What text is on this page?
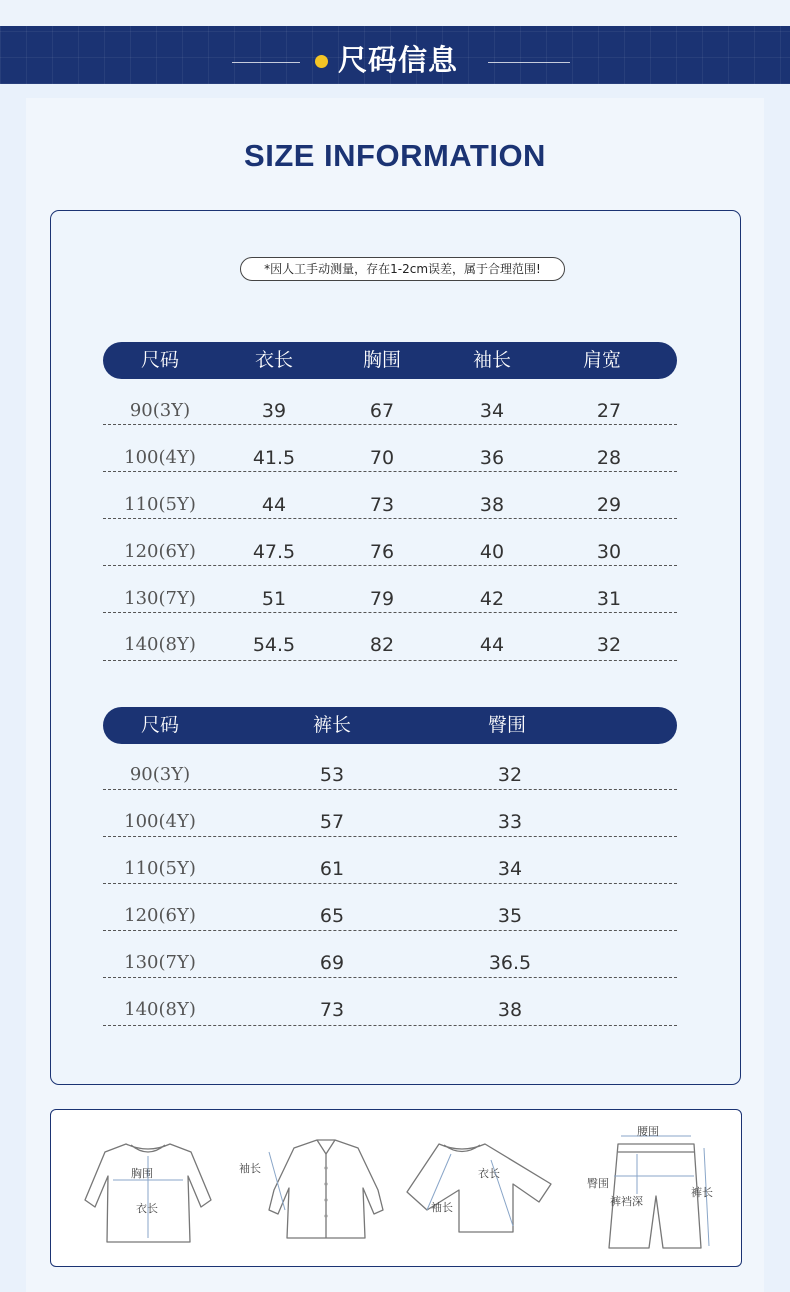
尺码信息
SIZE INFORMATION
*因人工手动测量，存在1-2cm误差，属于合理范围!
尺码	衣长	胸围	袖长	肩宽
90(3Y)	39	67	34	27
100(4Y)	41.5	70	36	28
110(5Y)	44	73	38	29
120(6Y)	47.5	76	40	30
130(7Y)	51	79	42	31
140(8Y)	54.5	82	44	32
尺码	裤长	臀围
90(3Y)	53	32
100(4Y)	57	33
110(5Y)	61	34
120(6Y)	65	35
130(7Y)	69	36.5
140(8Y)	73	38
胸围
衣长
袖长	衣长
袖长
腰围
臀围
裤裆深
裤长
